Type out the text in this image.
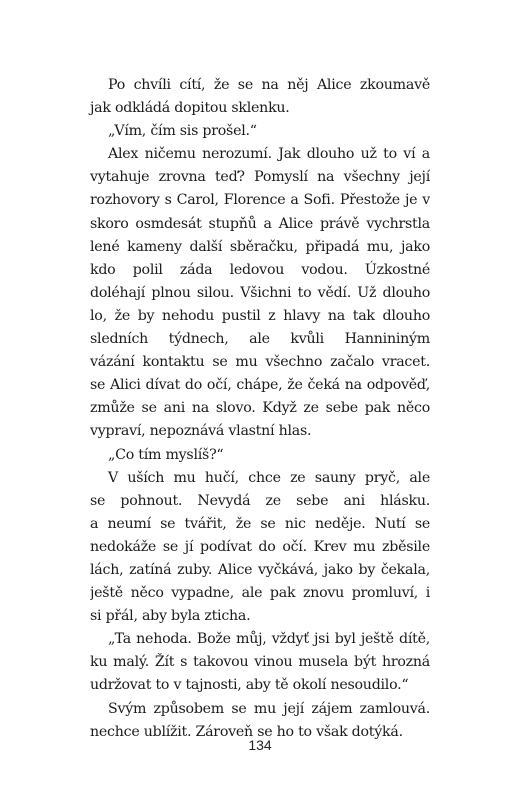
Po chvíli cítí, že se na něj Alice zkoumavě
jak odkládá dopitou sklenku.
„Vím, čím sis prošel.“
Alex ničemu nerozumí. Jak dlouho už to ví a
vytahuje zrovna teď? Pomyslí na všechny její
rozhovory s Carol, Florence a Sofi. Přestože je v
skoro osmdesát stupňů a Alice právě vychrstla
lené kameny další sběračku, připadá mu, jako
kdo polil záda ledovou vodou. Úzkostné
doléhají plnou silou. Všichni to vědí. Už dlouho
lo, že by nehodu pustil z hlavy na tak dlouho
sledních týdnech, ale kvůli Hannininým
vázání kontaktu se mu všechno začalo vracet.
se Alici dívat do očí, chápe, že čeká na odpověď,
zmůže se ani na slovo. Když ze sebe pak něco
vypraví, nepoznává vlastní hlas.
„Co tím myslíš?“
V uších mu hučí, chce ze sauny pryč, ale
se pohnout. Nevydá ze sebe ani hlásku.
a neumí se tvářit, že se nic neděje. Nutí se
nedokáže se jí podívat do očí. Krev mu zběsile
lách, zatíná zuby. Alice vyčkává, jako by čekala,
ještě něco vypadne, ale pak znovu promluví, i
si přál, aby byla zticha.
„Ta nehoda. Bože můj, vždyť jsi byl ještě dítě,
ku malý. Žít s takovou vinou musela být hrozná
udržovat to v tajnosti, aby tě okolí nesoudilo.“
Svým způsobem se mu její zájem zamlouvá.
nechce ublížit. Zároveň se ho to však dotýká.
134
